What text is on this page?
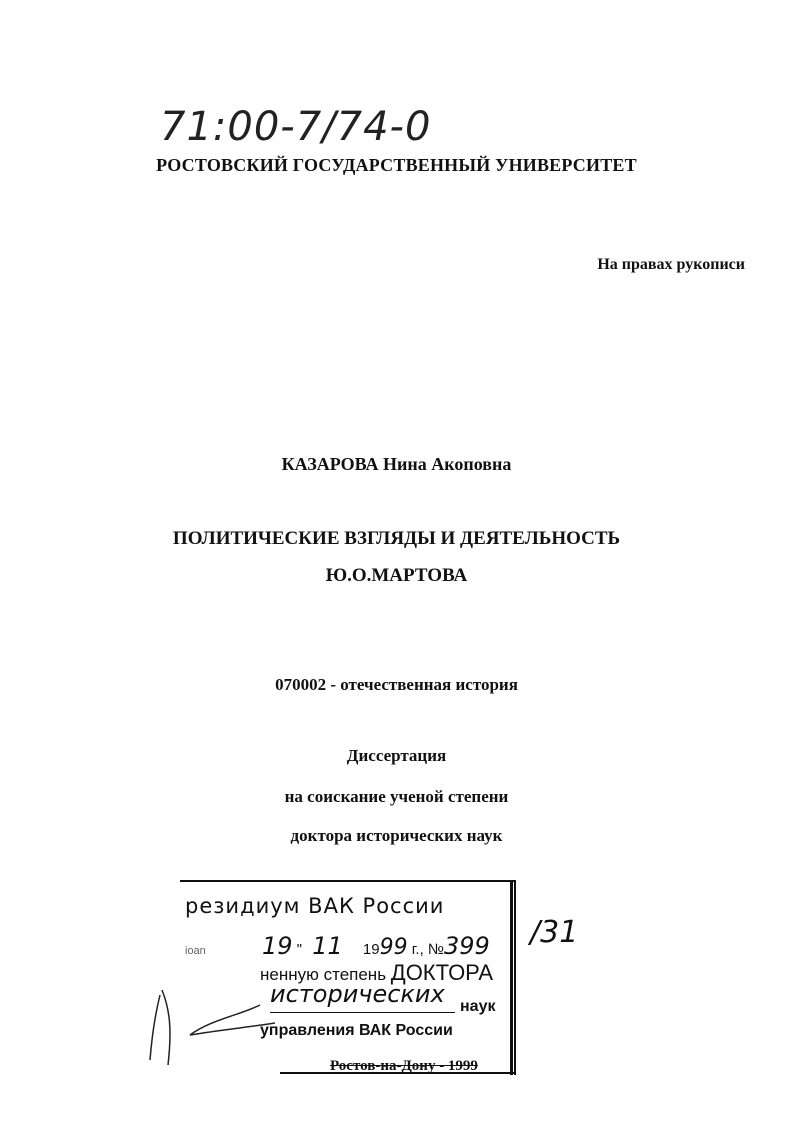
71:00-7/74-0
РОСТОВСКИЙ ГОСУДАРСТВЕННЫЙ УНИВЕРСИТЕТ
На правах рукописи
КАЗАРОВА Нина Акоповна
ПОЛИТИЧЕСКИЕ ВЗГЛЯДЫ И ДЕЯТЕЛЬНОСТЬ
Ю.О.МАРТОВА
070002 - отечественная история
Диссертация
на соискание ученой степени
доктора исторических наук
резидиум ВАК России
ioan 19 " 11 1999 г., №399
ненную степень ДОКТОРА
исторических наук
управления ВАК России
Ростов-на-Дону - 1999
/31
